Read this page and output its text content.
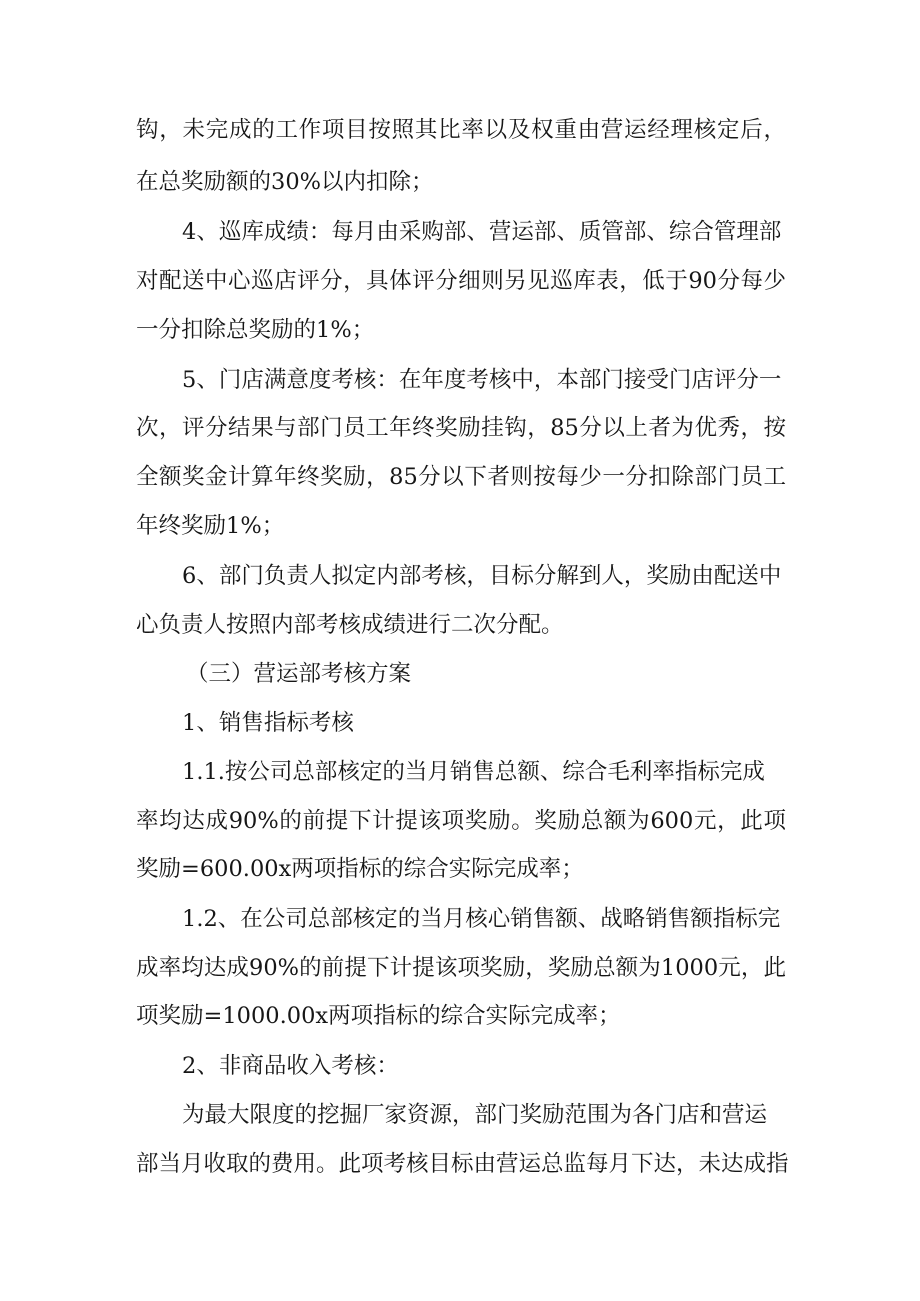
钩，未完成的工作项目按照其比率以及权重由营运经理核定后，

在总奖励额的30%以内扣除；

4、巡库成绩：每月由采购部、营运部、质管部、综合管理部

对配送中心巡店评分，具体评分细则另见巡库表，低于90分每少

一分扣除总奖励的1%；

5、门店满意度考核：在年度考核中，本部门接受门店评分一

次，评分结果与部门员工年终奖励挂钩，85分以上者为优秀，按

全额奖金计算年终奖励，85分以下者则按每少一分扣除部门员工

年终奖励1%；

6、部门负责人拟定内部考核，目标分解到人，奖励由配送中

心负责人按照内部考核成绩进行二次分配。

（三）营运部考核方案

1、销售指标考核

1.1.按公司总部核定的当月销售总额、综合毛利率指标完成

率均达成90%的前提下计提该项奖励。奖励总额为600元，此项

奖励=600.00x两项指标的综合实际完成率；

1.2、在公司总部核定的当月核心销售额、战略销售额指标完

成率均达成90%的前提下计提该项奖励，奖励总额为1000元，此

项奖励=1000.00x两项指标的综合实际完成率；

2、非商品收入考核：

为最大限度的挖掘厂家资源，部门奖励范围为各门店和营运

部当月收取的费用。此项考核目标由营运总监每月下达，未达成指
